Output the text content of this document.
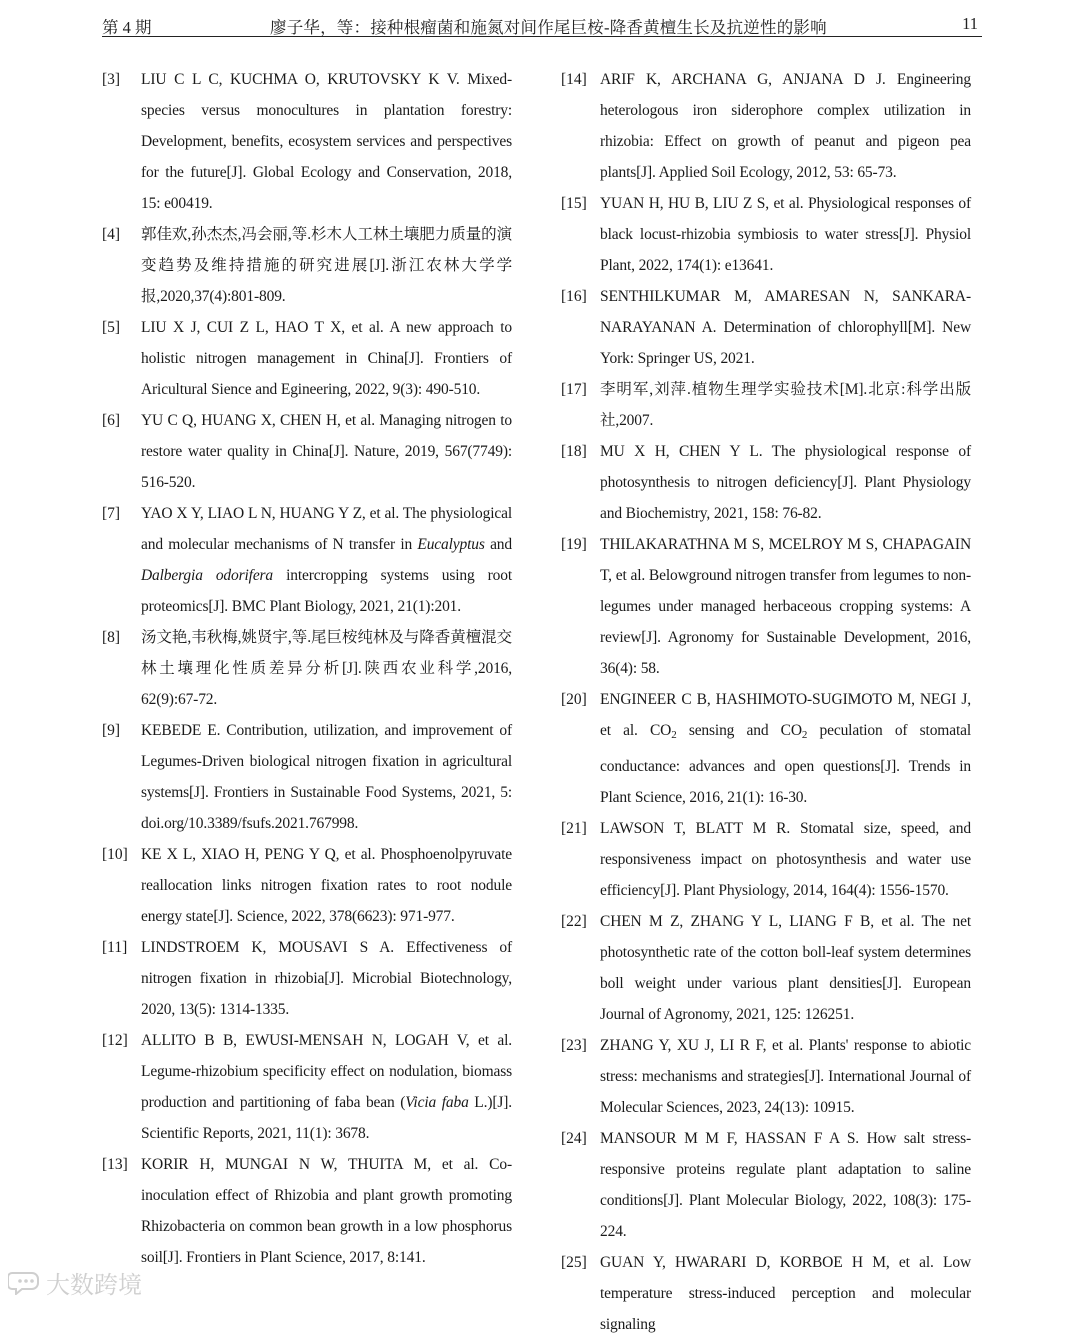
第 4 期	廖子华，等：接种根瘤菌和施氮对间作尾巨桉-降香黄檀生长及抗逆性的影响	11
[3] LIU C L C, KUCHMA O, KRUTOVSKY K V. Mixed-species versus monocultures in plantation forestry: Development, benefits, ecosystem services and perspectives for the future[J]. Global Ecology and Conservation, 2018, 15: e00419.
[4] 郭佳欢,孙杰杰,冯会丽,等.杉木人工林土壤肥力质量的演变趋势及维持措施的研究进展[J].浙江农林大学学报,2020,37(4):801-809.
[5] LIU X J, CUI Z L, HAO T X, et al. A new approach to holistic nitrogen management in China[J]. Frontiers of Aricultural Sience and Egineering, 2022, 9(3): 490-510.
[6] YU C Q, HUANG X, CHEN H, et al. Managing nitrogen to restore water quality in China[J]. Nature, 2019, 567(7749): 516-520.
[7] YAO X Y, LIAO L N, HUANG Y Z, et al. The physiological and molecular mechanisms of N transfer in Eucalyptus and Dalbergia odorifera intercropping systems using root proteomics[J]. BMC Plant Biology, 2021, 21(1):201.
[8] 汤文艳,韦秋梅,姚贤宇,等.尾巨桉纯林及与降香黄檀混交林土壤理化性质差异分析[J].陕西农业科学,2016, 62(9):67-72.
[9] KEBEDE E. Contribution, utilization, and improvement of Legumes-Driven biological nitrogen fixation in agricultural systems[J]. Frontiers in Sustainable Food Systems, 2021, 5: doi.org/10.3389/fsufs.2021.767998.
[10] KE X L, XIAO H, PENG Y Q, et al. Phosphoenolpyruvate reallocation links nitrogen fixation rates to root nodule energy state[J]. Science, 2022, 378(6623): 971-977.
[11] LINDSTROEM K, MOUSAVI S A. Effectiveness of nitrogen fixation in rhizobia[J]. Microbial Biotechnology, 2020, 13(5): 1314-1335.
[12] ALLITO B B, EWUSI-MENSAH N, LOGAH V, et al. Legume-rhizobium specificity effect on nodulation, biomass production and partitioning of faba bean (Vicia faba L.)[J]. Scientific Reports, 2021, 11(1): 3678.
[13] KORIR H, MUNGAI N W, THUITA M, et al. Co-inoculation effect of Rhizobia and plant growth promoting Rhizobacteria on common bean growth in a low phosphorus soil[J]. Frontiers in Plant Science, 2017, 8:141.
[14] ARIF K, ARCHANA G, ANJANA D J. Engineering heterologous iron siderophore complex utilization in rhizobia: Effect on growth of peanut and pigeon pea plants[J]. Applied Soil Ecology, 2012, 53: 65-73.
[15] YUAN H, HU B, LIU Z S, et al. Physiological responses of black locust-rhizobia symbiosis to water stress[J]. Physiol Plant, 2022, 174(1): e13641.
[16] SENTHILKUMAR M, AMARESAN N, SANKARA-NARAYANAN A. Determination of chlorophyll[M]. New York: Springer US, 2021.
[17] 李明军,刘萍.植物生理学实验技术[M].北京:科学出版社,2007.
[18] MU X H, CHEN Y L. The physiological response of photosynthesis to nitrogen deficiency[J]. Plant Physiology and Biochemistry, 2021, 158: 76-82.
[19] THILAKARATHNA M S, MCELROY M S, CHAPAGAIN T, et al. Belowground nitrogen transfer from legumes to non-legumes under managed herbaceous cropping systems: A review[J]. Agronomy for Sustainable Development, 2016, 36(4): 58.
[20] ENGINEER C B, HASHIMOTO-SUGIMOTO M, NEGI J, et al. $CO_2$ sensing and $CO_2$ peculation of stomatal conductance: advances and open questions[J]. Trends in Plant Science, 2016, 21(1): 16-30.
[21] LAWSON T, BLATT M R. Stomatal size, speed, and responsiveness impact on photosynthesis and water use efficiency[J]. Plant Physiology, 2014, 164(4): 1556-1570.
[22] CHEN M Z, ZHANG Y L, LIANG F B, et al. The net photosynthetic rate of the cotton boll-leaf system determines boll weight under various plant densities[J]. European Journal of Agronomy, 2021, 125: 126251.
[23] ZHANG Y, XU J, LI R F, et al. Plants' response to abiotic stress: mechanisms and strategies[J]. International Journal of Molecular Sciences, 2023, 24(13): 10915.
[24] MANSOUR M M F, HASSAN F A S. How salt stress-responsive proteins regulate plant adaptation to saline conditions[J]. Plant Molecular Biology, 2022, 108(3): 175-224.
[25] GUAN Y, HWARARI D, KORBOE H M, et al. Low temperature stress-induced perception and molecular signaling
大数跨境
